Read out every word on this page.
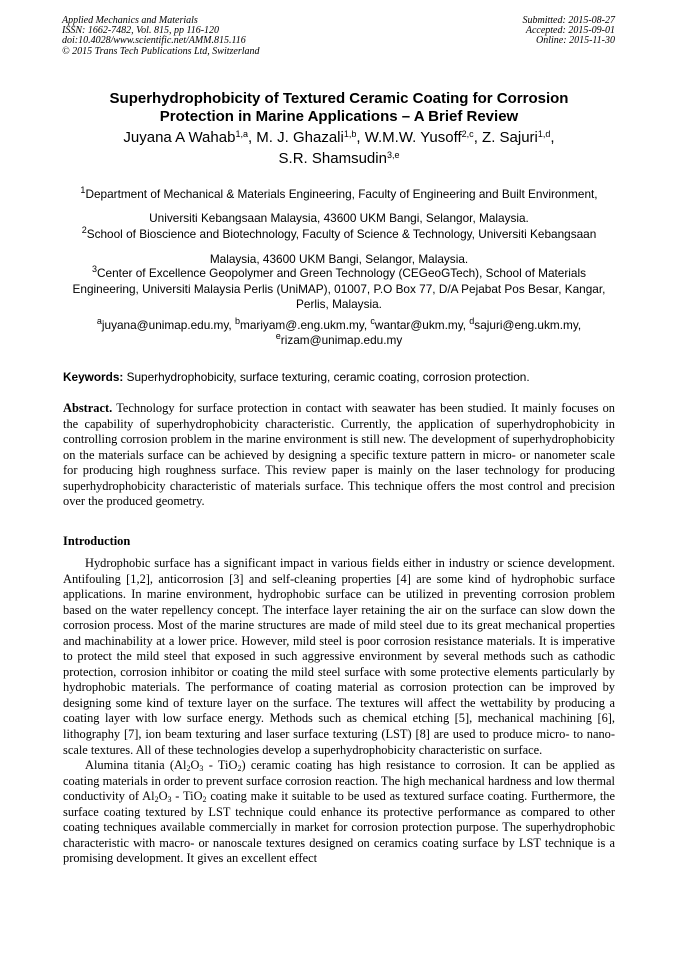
Applied Mechanics and Materials
ISSN: 1662-7482, Vol. 815, pp 116-120
doi:10.4028/www.scientific.net/AMM.815.116
© 2015 Trans Tech Publications Ltd, Switzerland
Submitted: 2015-08-27
Accepted: 2015-09-01
Online: 2015-11-30
Superhydrophobicity of Textured Ceramic Coating for Corrosion
Protection in Marine Applications – A Brief Review
Juyana A Wahab$^{1,a}$, M. J. Ghazali$^{1,b}$, W.M.W. Yusoff$^{2,c}$, Z. Sajuri$^{1,d}$,
S.R. Shamsudin$^{3,e}$
$^1$Department of Mechanical & Materials Engineering, Faculty of Engineering and Built Environment, Universiti Kebangsaan Malaysia, 43600 UKM Bangi, Selangor, Malaysia.
$^2$School of Bioscience and Biotechnology, Faculty of Science & Technology, Universiti Kebangsaan Malaysia, 43600 UKM Bangi, Selangor, Malaysia.
$^3$Center of Excellence Geopolymer and Green Technology (CEGeoGTech), School of Materials Engineering, Universiti Malaysia Perlis (UniMAP), 01007, P.O Box 77, D/A Pejabat Pos Besar, Kangar, Perlis, Malaysia.
$^a$juyana@unimap.edu.my, $^b$mariyam@.eng.ukm.my, $^c$wantar@ukm.my, $^d$sajuri@eng.ukm.my,
$^e$rizam@unimap.edu.my
Keywords: Superhydrophobicity, surface texturing, ceramic coating, corrosion protection.
Abstract. Technology for surface protection in contact with seawater has been studied. It mainly focuses on the capability of superhydrophobicity characteristic. Currently, the application of superhydrophobicity in controlling corrosion problem in the marine environment is still new. The development of superhydrophobicity on the materials surface can be achieved by designing a specific texture pattern in micro- or nanometer scale for producing high roughness surface. This review paper is mainly on the laser technology for producing superhydrophobicity characteristic of materials surface. This technique offers the most control and precision over the produced geometry.
Introduction

Hydrophobic surface has a significant impact in various fields either in industry or science development. Antifouling [1,2], anticorrosion [3] and self-cleaning properties [4] are some kind of hydrophobic surface applications. In marine environment, hydrophobic surface can be utilized in preventing corrosion problem based on the water repellency concept. The interface layer retaining the air on the surface can slow down the corrosion process. Most of the marine structures are made of mild steel due to its great mechanical properties and machinability at a lower price. However, mild steel is poor corrosion resistance materials. It is imperative to protect the mild steel that exposed in such aggressive environment by several methods such as cathodic protection, corrosion inhibitor or coating the mild steel surface with some protective elements particularly by hydrophobic materials. The performance of coating material as corrosion protection can be improved by designing some kind of texture layer on the surface. The textures will affect the wettability by producing a coating layer with low surface energy. Methods such as chemical etching [5], mechanical machining [6], lithography [7], ion beam texturing and laser surface texturing (LST) [8] are used to produce micro- to nano-scale textures. All of these technologies develop a superhydrophobicity characteristic on surface.

Alumina titania $(Al_2O_3 - TiO_2)$ ceramic coating has high resistance to corrosion. It can be applied as coating materials in order to prevent surface corrosion reaction. The high mechanical hardness and low thermal conductivity of $Al_2O_3 - TiO_2$ coating make it suitable to be used as textured surface coating. Furthermore, the surface coating textured by LST technique could enhance its protective performance as compared to other coating techniques available commercially in market for corrosion protection purpose. The superhydrophobic characteristic with macro- or nanoscale textures designed on ceramics coating surface by LST technique is a promising development. It gives an excellent effect
